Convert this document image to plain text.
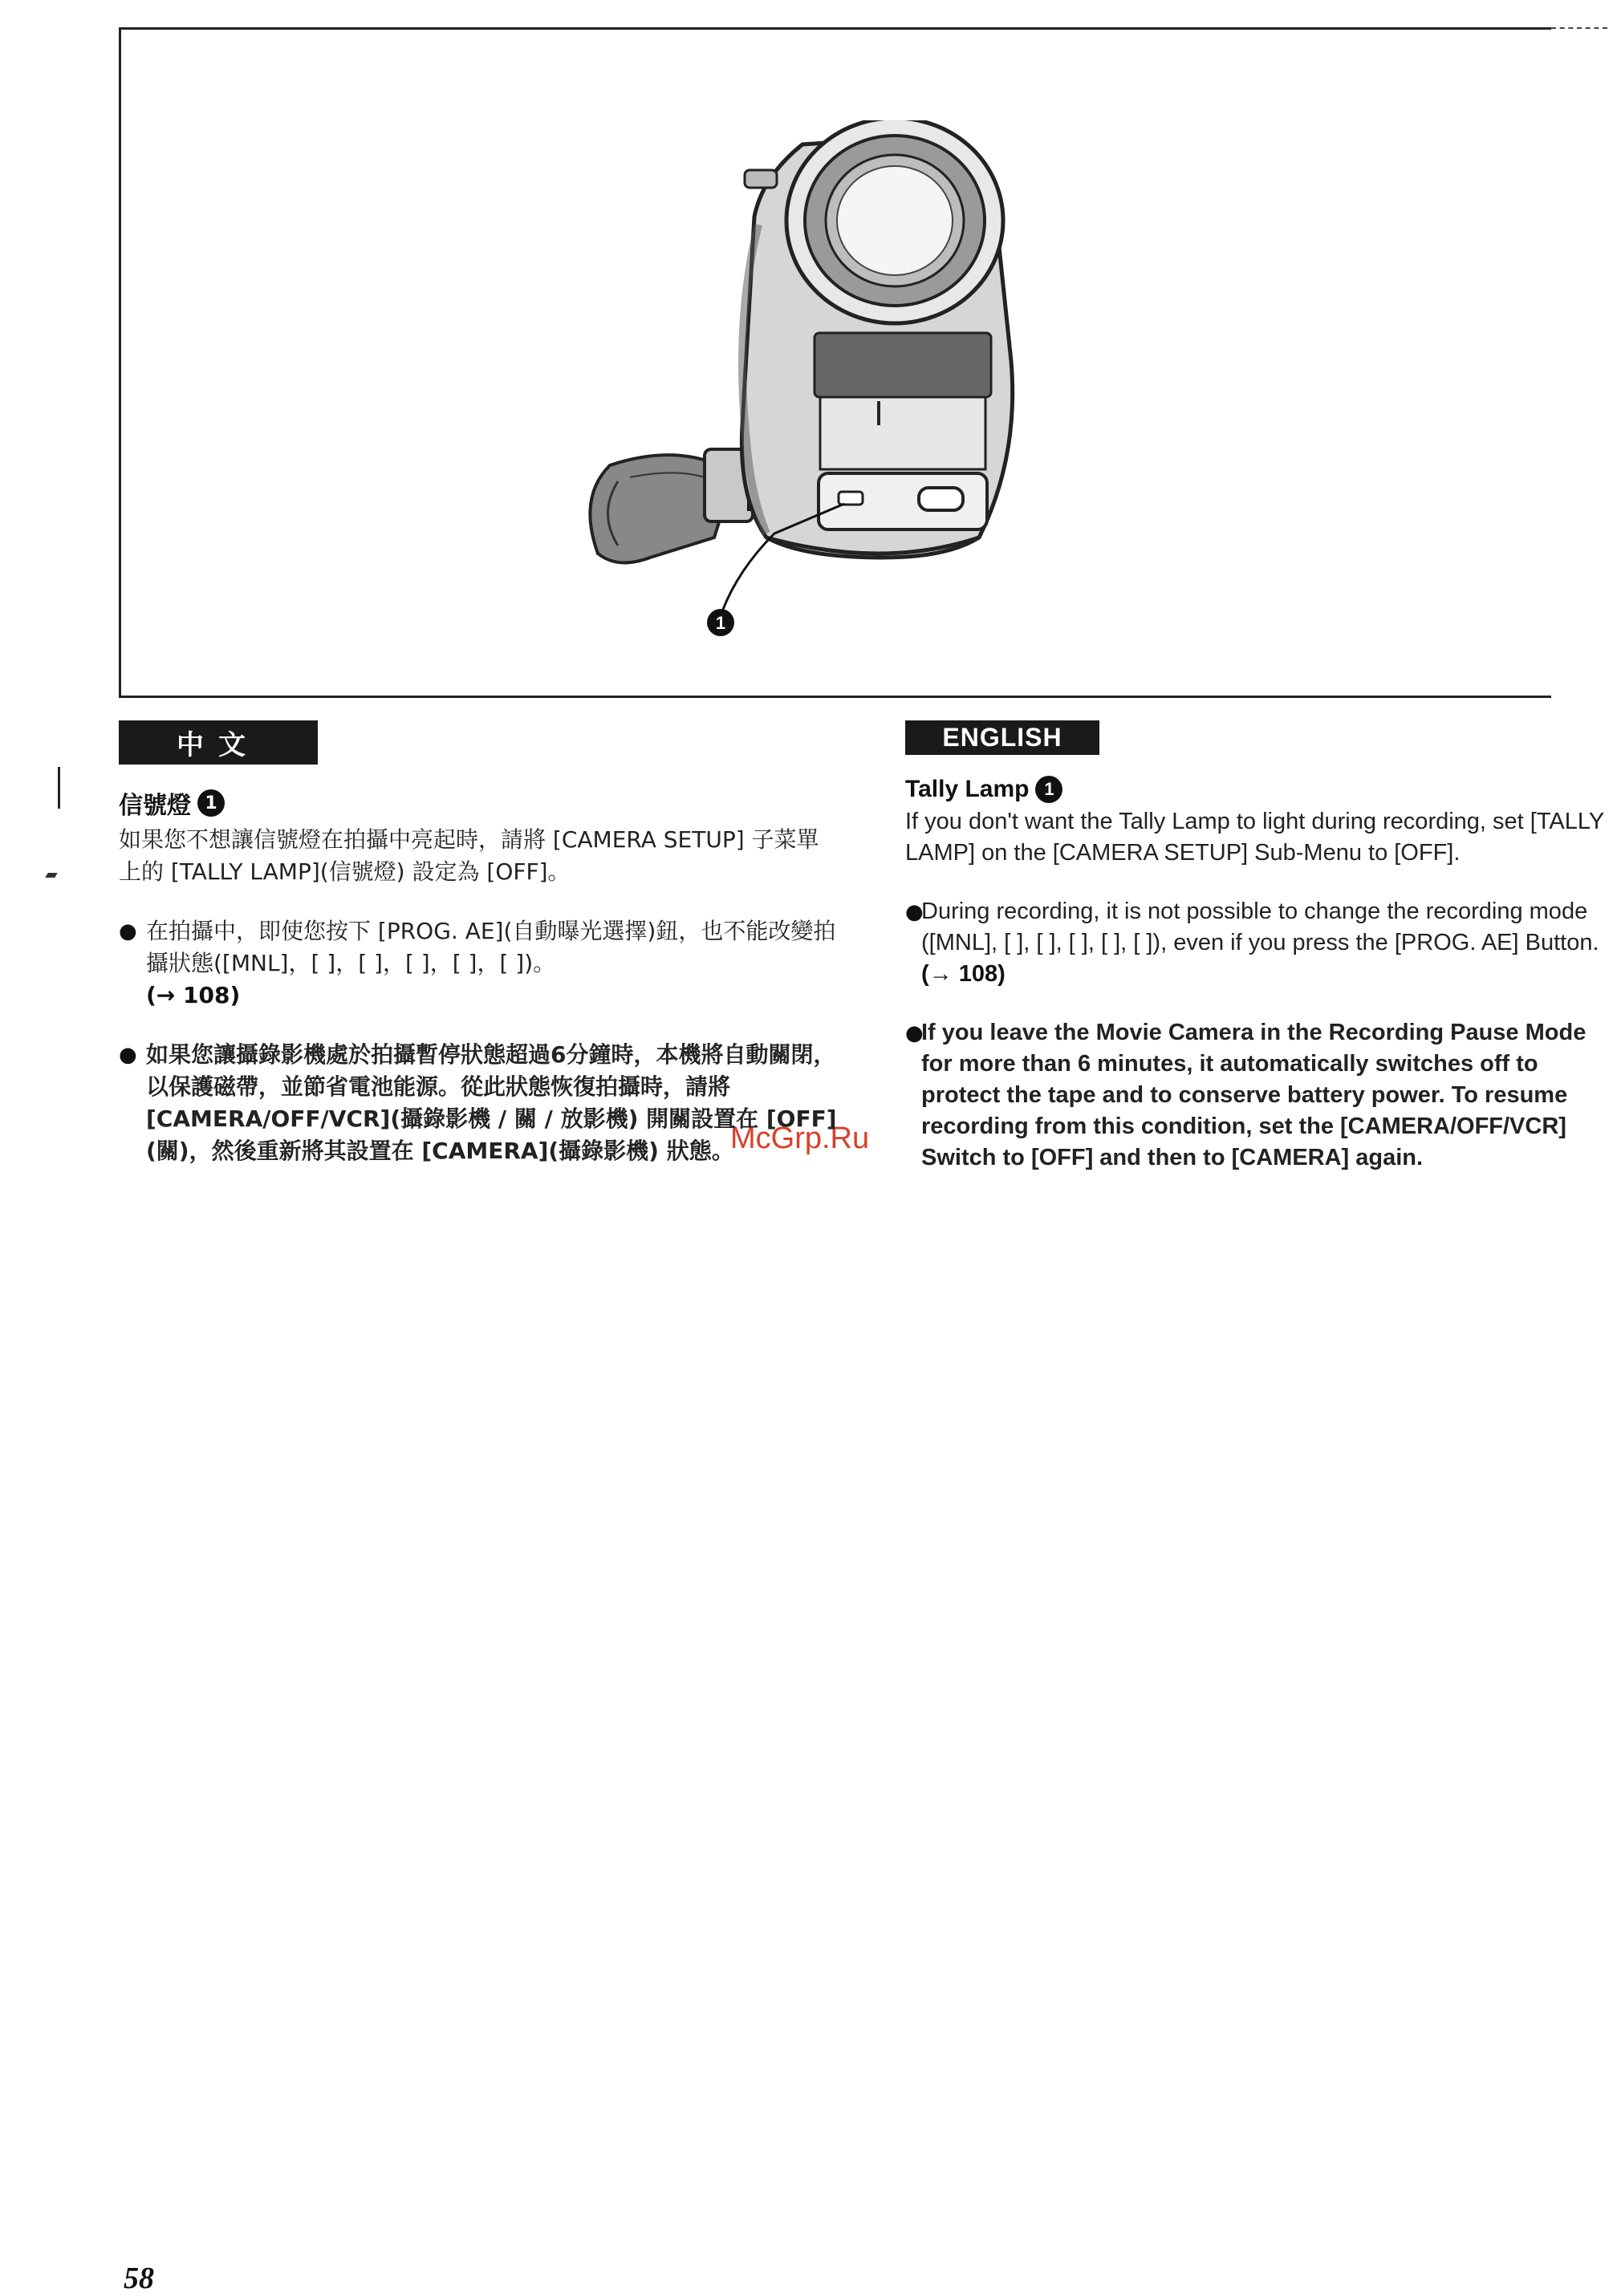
1
McGrp.Ru
中文
信號燈 1
如果您不想讓信號燈在拍攝中亮起時，請將 [CAMERA SETUP] 子菜單上的 [TALLY LAMP](信號燈) 設定為 [OFF]。
● 在拍攝中，即使您按下 [PROG. AE](自動曝光選擇)鈕，也不能改變拍攝狀態([MNL]，[ ]，[ ]，[ ]，[ ]，[ ])。
(→ 108)
● 如果您讓攝錄影機處於拍攝暫停狀態超過6分鐘時，本機將自動關閉，以保護磁帶，並節省電池能源。從此狀態恢復拍攝時，請將 [CAMERA/OFF/VCR](攝錄影機 / 關 / 放影機) 開關設置在 [OFF](關)，然後重新將其設置在 [CAMERA](攝錄影機) 狀態。
ENGLISH
Tally Lamp 1
If you don't want the Tally Lamp to light during recording, set [TALLY LAMP] on the [CAMERA SETUP] Sub-Menu to [OFF].
●
During recording, it is not possible to change the recording mode ([MNL], [ ], [ ], [ ], [ ], [ ]), even if you press the [PROG. AE] Button. (→ 108)
●
If you leave the Movie Camera in the Recording Pause Mode for more than 6 minutes, it automatically switches off to protect the tape and to conserve battery power. To resume recording from this condition, set the [CAMERA/OFF/VCR] Switch to [OFF] and then to [CAMERA] again.
58
